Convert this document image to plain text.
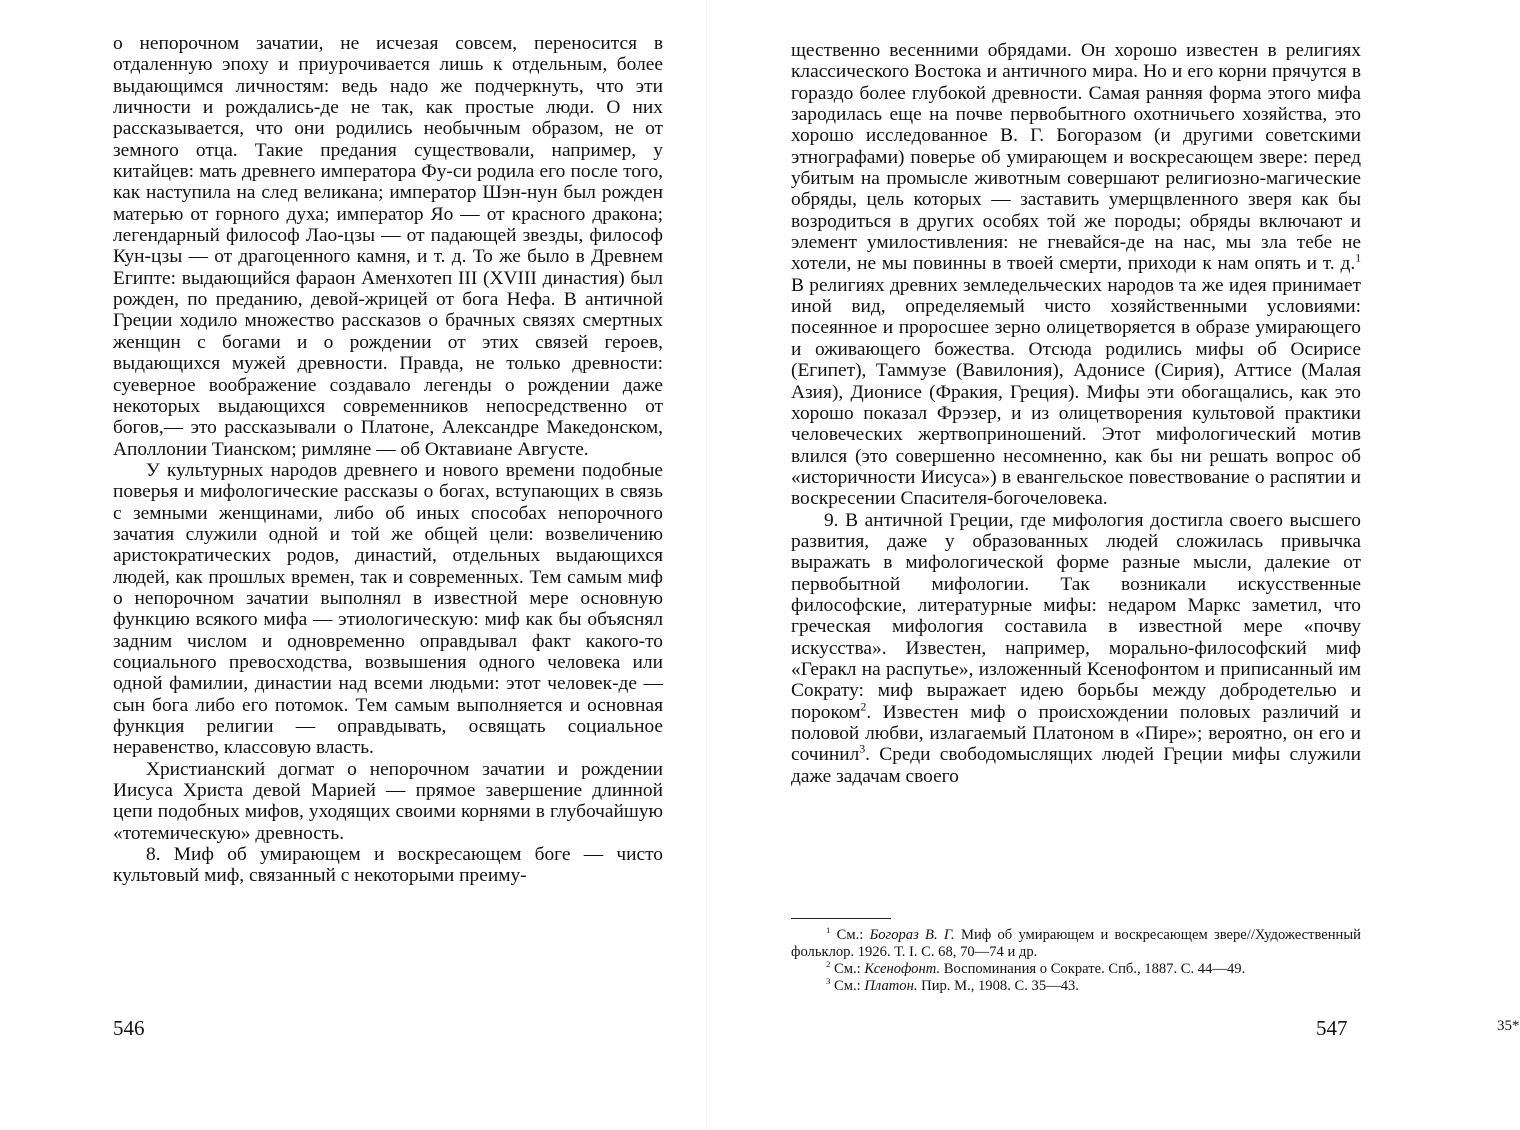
о непорочном зачатии, не исчезая совсем, переносится в отдаленную эпоху и приурочивается лишь к отдельным, более выдающимся личностям: ведь надо же подчеркнуть, что эти личности и рождались-де не так, как простые люди. О них рассказывается, что они родились необычным образом, не от земного отца. Такие предания существовали, например, у китайцев: мать древнего императора Фу-си родила его после того, как наступила на след великана; император Шэн-нун был рожден матерью от горного духа; император Яо — от красного дракона; легендарный философ Лао-цзы — от падающей звезды, философ Кун-цзы — от драгоценного камня, и т. д. То же было в Древнем Египте: выдающийся фараон Аменхотеп III (XVIII династия) был рожден, по преданию, девой-жрицей от бога Нефа. В античной Греции ходило множество рассказов о брачных связях смертных женщин с богами и о рождении от этих связей героев, выдающихся мужей древности. Правда, не только древности: суеверное воображение создавало легенды о рождении даже некоторых выдающихся современников непосредственно от богов,— это рассказывали о Платоне, Александре Македонском, Аполлонии Тианском; римляне — об Октавиане Августе.

У культурных народов древнего и нового времени подобные поверья и мифологические рассказы о богах, вступающих в связь с земными женщинами, либо об иных способах непорочного зачатия служили одной и той же общей цели: возвеличению аристократических родов, династий, отдельных выдающихся людей, как прошлых времен, так и современных. Тем самым миф о непорочном зачатии выполнял в известной мере основную функцию всякого мифа — этиологическую: миф как бы объяснял задним числом и одновременно оправдывал факт какого-то социального превосходства, возвышения одного человека или одной фамилии, династии над всеми людьми: этот человек-де — сын бога либо его потомок. Тем самым выполняется и основная функция религии — оправдывать, освящать социальное неравенство, классовую власть.

Христианский догмат о непорочном зачатии и рождении Иисуса Христа девой Марией — прямое завершение длинной цепи подобных мифов, уходящих своими корнями в глубочайшую «тотемическую» древность.

8. Миф об умирающем и воскресающем боге — чисто культовый миф, связанный с некоторыми преиму-

546

щественно весенними обрядами. Он хорошо известен в религиях классического Востока и античного мира. Но и его корни прячутся в гораздо более глубокой древности. Самая ранняя форма этого мифа зародилась еще на почве первобытного охотничьего хозяйства, это хорошо исследованное В. Г. Богоразом (и другими советскими этнографами) поверье об умирающем и воскресающем звере: перед убитым на промысле животным совершают религиозно-магические обряды, цель которых — заставить умерщвленного зверя как бы возродиться в других особях той же породы; обряды включают и элемент умилостивления: не гневайся-де на нас, мы зла тебе не хотели, не мы повинны в твоей смерти, приходи к нам опять и т. д.$^1$ В религиях древних земледельческих народов та же идея принимает иной вид, определяемый чисто хозяйственными условиями: посеянное и проросшее зерно олицетворяется в образе умирающего и оживающего божества. Отсюда родились мифы об Осирисе (Египет), Таммузе (Вавилония), Адонисе (Сирия), Аттисе (Малая Азия), Дионисе (Фракия, Греция). Мифы эти обогащались, как это хорошо показал Фрэзер, и из олицетворения культовой практики человеческих жертвоприношений. Этот мифологический мотив влился (это совершенно несомненно, как бы ни решать вопрос об «историчности Иисуса») в евангельское повествование о распятии и воскресении Спасителя-богочеловека.

9. В античной Греции, где мифология достигла своего высшего развития, даже у образованных людей сложилась привычка выражать в мифологической форме разные мысли, далекие от первобытной мифологии. Так возникали искусственные философские, литературные мифы: недаром Маркс заметил, что греческая мифология составила в известной мере «почву искусства». Известен, например, морально-философский миф «Геракл на распутье», изложенный Ксенофонтом и приписанный им Сократу: миф выражает идею борьбы между добродетелью и пороком$^2$. Известен миф о происхождении половых различий и половой любви, излагаемый Платоном в «Пире»; вероятно, он его и сочинил$^3$. Среди свободомыслящих людей Греции мифы служили даже задачам своего

$^1$ См.: Богораз В. Г. Миф об умирающем и воскресающем звере//Художественный фольклор. 1926. Т. I. С. 68, 70—74 и др.

$^2$ См.: Ксенофонт. Воспоминания о Сократе. Спб., 1887. С. 44—49.

$^3$ См.: Платон. Пир. М., 1908. С. 35—43.

35*
547
